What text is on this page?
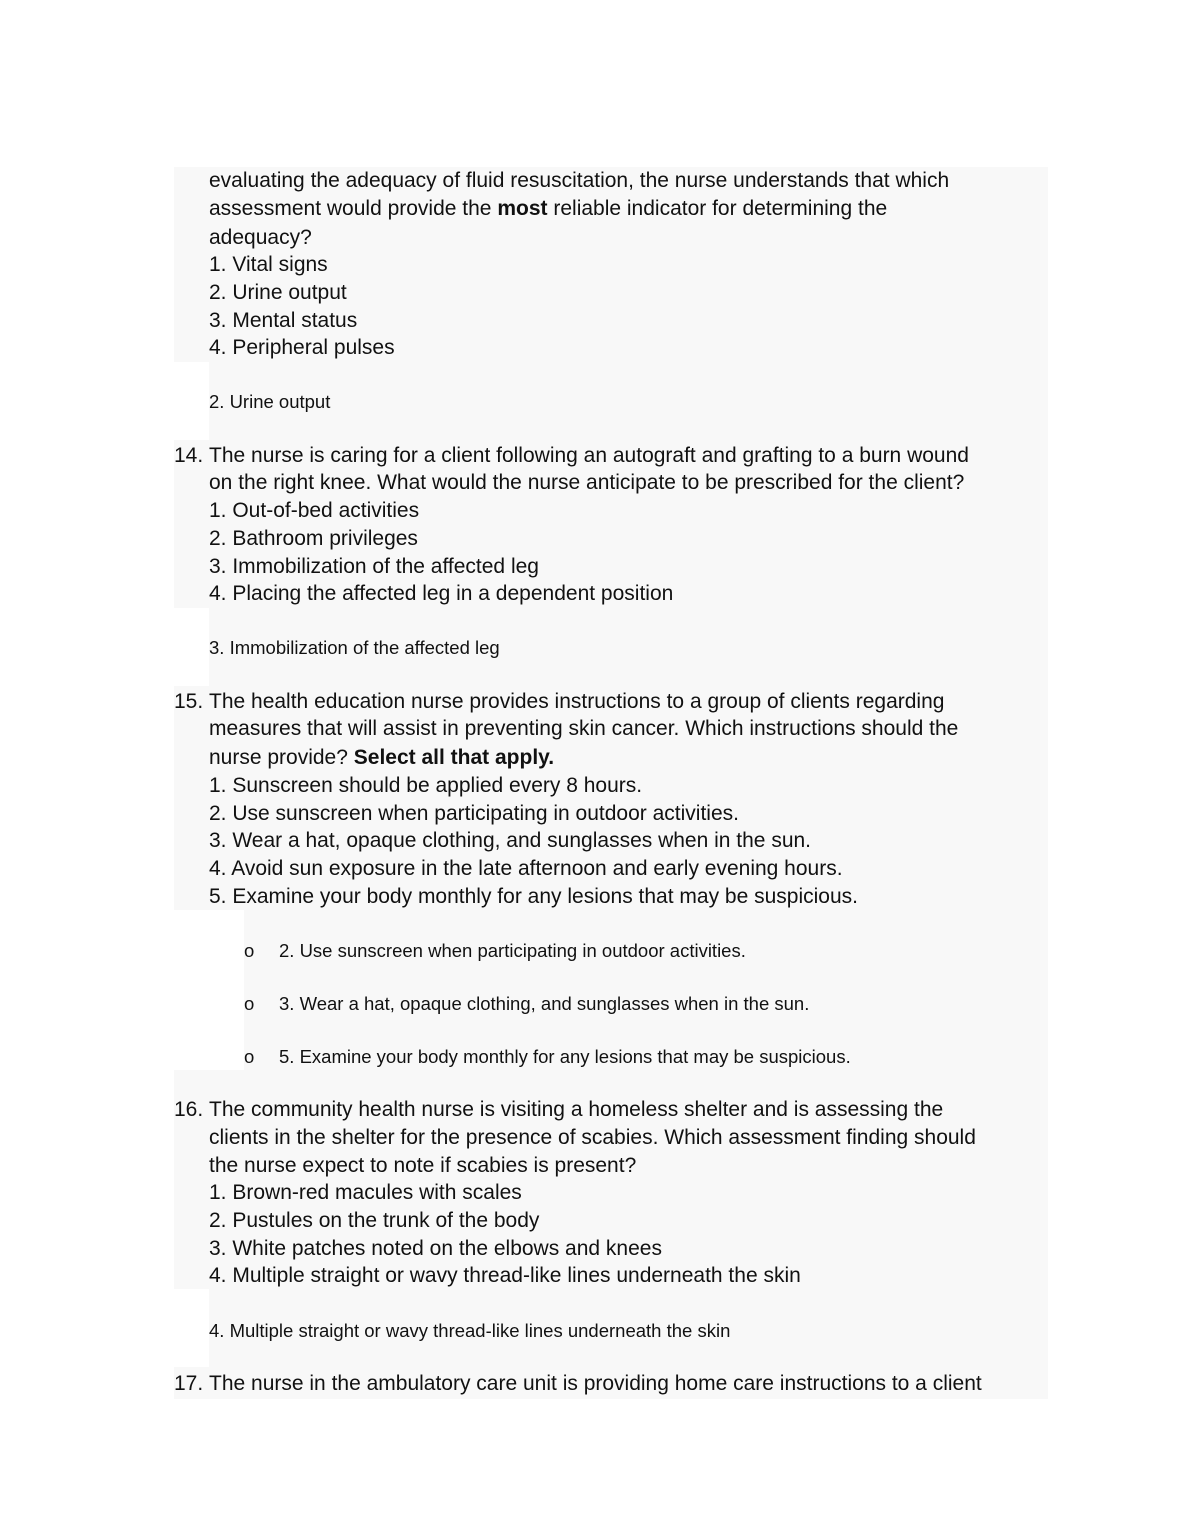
evaluating the adequacy of fluid resuscitation, the nurse understands that which
assessment would provide the most reliable indicator for determining the
adequacy?
1. Vital signs
2. Urine output
3. Mental status
4. Peripheral pulses
2. Urine output
14. The nurse is caring for a client following an autograft and grafting to a burn wound
on the right knee. What would the nurse anticipate to be prescribed for the client?
1. Out-of-bed activities
2. Bathroom privileges
3. Immobilization of the affected leg
4. Placing the affected leg in a dependent position
3. Immobilization of the affected leg
15. The health education nurse provides instructions to a group of clients regarding
measures that will assist in preventing skin cancer. Which instructions should the
nurse provide? Select all that apply.
1. Sunscreen should be applied every 8 hours.
2. Use sunscreen when participating in outdoor activities.
3. Wear a hat, opaque clothing, and sunglasses when in the sun.
4. Avoid sun exposure in the late afternoon and early evening hours.
5. Examine your body monthly for any lesions that may be suspicious.
o 2. Use sunscreen when participating in outdoor activities.
o 3. Wear a hat, opaque clothing, and sunglasses when in the sun.
o 5. Examine your body monthly for any lesions that may be suspicious.
16. The community health nurse is visiting a homeless shelter and is assessing the
clients in the shelter for the presence of scabies. Which assessment finding should
the nurse expect to note if scabies is present?
1. Brown-red macules with scales
2. Pustules on the trunk of the body
3. White patches noted on the elbows and knees
4. Multiple straight or wavy thread-like lines underneath the skin
4. Multiple straight or wavy thread-like lines underneath the skin
17. The nurse in the ambulatory care unit is providing home care instructions to a client
